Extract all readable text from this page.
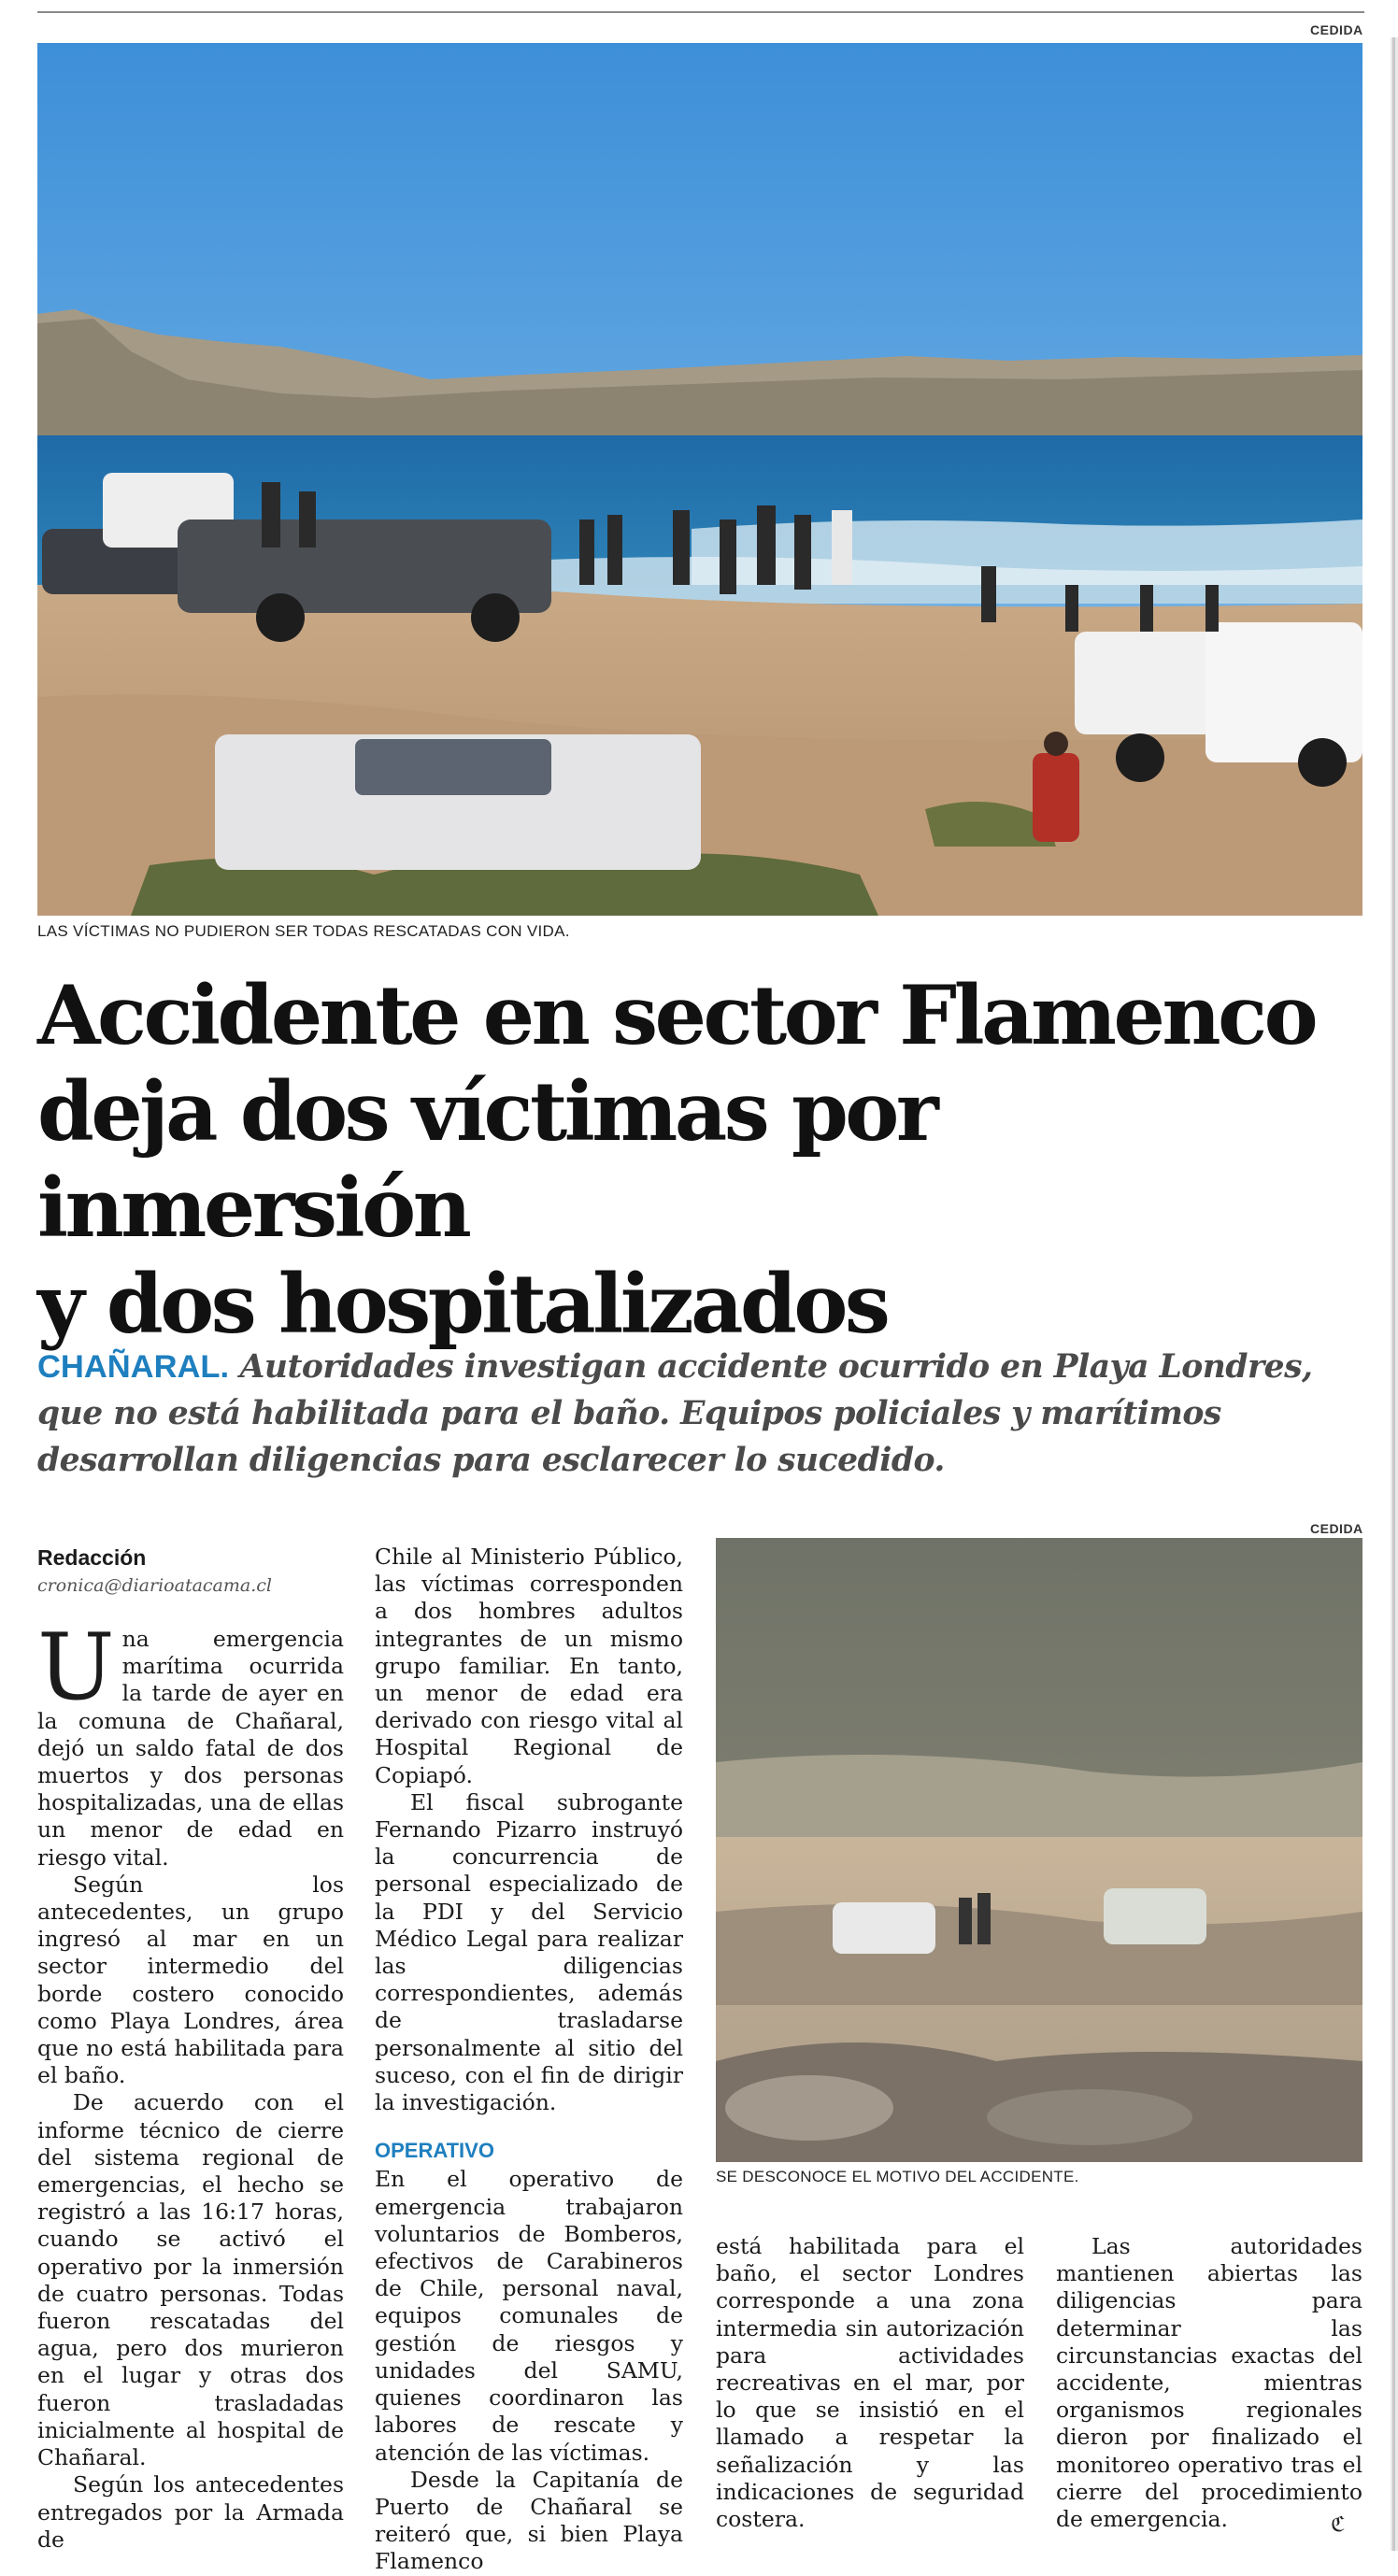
CEDIDA
LAS VÍCTIMAS NO PUDIERON SER TODAS RESCATADAS CON VIDA.
Accidente en sector Flamenco
deja dos víctimas por inmersión
y dos hospitalizados
CHAÑARAL. Autoridades investigan accidente ocurrido en Playa Londres, que no está habilitada para el baño. Equipos policiales y marítimos desarrollan diligencias para esclarecer lo sucedido.
Redacción
cronica@diarioatacama.cl

Una emergencia marítima ocurrida la tarde de ayer en la comuna de Chañaral, dejó un saldo fatal de dos muertos y dos personas hospitalizadas, una de ellas un menor de edad en riesgo vital.

Según los antecedentes, un grupo ingresó al mar en un sector intermedio del borde costero conocido como Playa Londres, área que no está habilitada para el baño.

De acuerdo con el informe técnico de cierre del sistema regional de emergencias, el hecho se registró a las 16:17 horas, cuando se activó el operativo por la inmersión de cuatro personas. Todas fueron rescatadas del agua, pero dos murieron en el lugar y otras dos fueron trasladadas inicialmente al hospital de Chañaral.

Según los antecedentes entregados por la Armada de

Chile al Ministerio Público, las víctimas corresponden a dos hombres adultos integrantes de un mismo grupo familiar. En tanto, un menor de edad era derivado con riesgo vital al Hospital Regional de Copiapó.

El fiscal subrogante Fernando Pizarro instruyó la concurrencia de personal especializado de la PDI y del Servicio Médico Legal para realizar las diligencias correspondientes, además de trasladarse personalmente al sitio del suceso, con el fin de dirigir la investigación.

OPERATIVO

En el operativo de emergencia trabajaron voluntarios de Bomberos, efectivos de Carabineros de Chile, personal naval, equipos comunales de gestión de riesgos y unidades del SAMU, quienes coordinaron las labores de rescate y atención de las víctimas.

Desde la Capitanía de Puerto de Chañaral se reiteró que, si bien Playa Flamenco

CEDIDA
SE DESCONOCE EL MOTIVO DEL ACCIDENTE.

está habilitada para el baño, el sector Londres corresponde a una zona intermedia sin autorización para actividades recreativas en el mar, por lo que se insistió en el llamado a respetar la señalización y las indicaciones de seguridad costera.

Las autoridades mantienen abiertas las diligencias para determinar las circunstancias exactas del accidente, mientras organismos regionales dieron por finalizado el monitoreo operativo tras el cierre del procedimiento de emergencia.	ℭ
